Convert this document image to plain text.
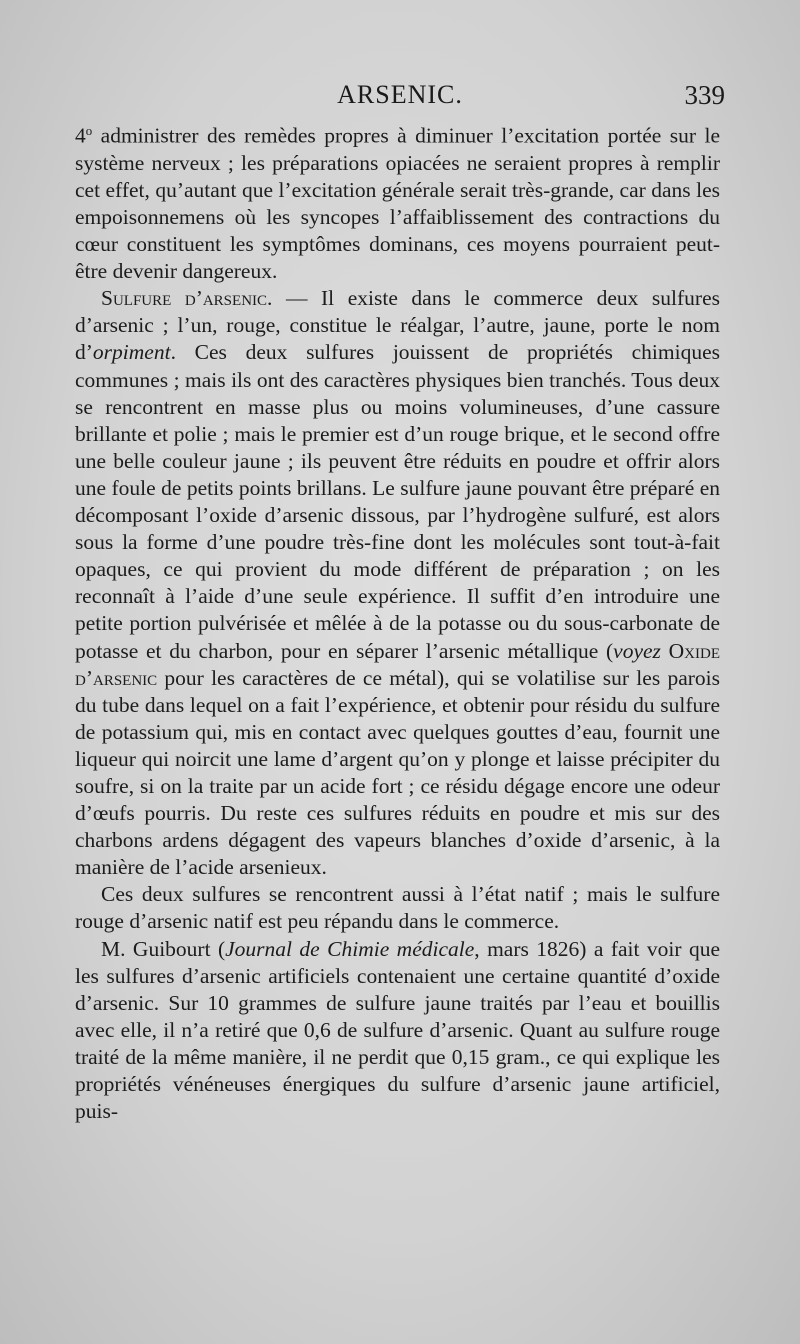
ARSENIC.	339

4$^o$ administrer des remèdes propres à diminuer l’excitation portée sur le système nerveux ; les préparations opiacées ne seraient propres à remplir cet effet, qu’autant que l’excitation générale serait très-grande, car dans les empoisonnemens où les syncopes l’affaiblissement des contractions du cœur constituent les symptômes dominans, ces moyens pourraient peut-être devenir dangereux.

Sulfure d’arsenic. — Il existe dans le commerce deux sulfures d’arsenic ; l’un, rouge, constitue le réalgar, l’autre, jaune, porte le nom d’orpiment. Ces deux sulfures jouissent de propriétés chimiques communes ; mais ils ont des caractères physiques bien tranchés. Tous deux se rencontrent en masse plus ou moins volumineuses, d’une cassure brillante et polie ; mais le premier est d’un rouge brique, et le second offre une belle couleur jaune ; ils peuvent être réduits en poudre et offrir alors une foule de petits points brillans. Le sulfure jaune pouvant être préparé en décomposant l’oxide d’arsenic dissous, par l’hydrogène sulfuré, est alors sous la forme d’une poudre très-fine dont les molécules sont tout-à-fait opaques, ce qui provient du mode différent de préparation ; on les reconnaît à l’aide d’une seule expérience. Il suffit d’en introduire une petite portion pulvérisée et mêlée à de la potasse ou du sous-carbonate de potasse et du charbon, pour en séparer l’arsenic métallique (voyez Oxide d’arsenic pour les caractères de ce métal), qui se volatilise sur les parois du tube dans lequel on a fait l’expérience, et obtenir pour résidu du sulfure de potassium qui, mis en contact avec quelques gouttes d’eau, fournit une liqueur qui noircit une lame d’argent qu’on y plonge et laisse précipiter du soufre, si on la traite par un acide fort ; ce résidu dégage encore une odeur d’œufs pourris. Du reste ces sulfures réduits en poudre et mis sur des charbons ardens dégagent des vapeurs blanches d’oxide d’arsenic, à la manière de l’acide arsenieux.

Ces deux sulfures se rencontrent aussi à l’état natif ; mais le sulfure rouge d’arsenic natif est peu répandu dans le commerce.

M. Guibourt (Journal de Chimie médicale, mars 1826) a fait voir que les sulfures d’arsenic artificiels contenaient une certaine quantité d’oxide d’arsenic. Sur 10 grammes de sulfure jaune traités par l’eau et bouillis avec elle, il n’a retiré que 0,6 de sulfure d’arsenic. Quant au sulfure rouge traité de la même manière, il ne perdit que 0,15 gram., ce qui explique les propriétés vénéneuses énergiques du sulfure d’arsenic jaune artificiel, puis-
